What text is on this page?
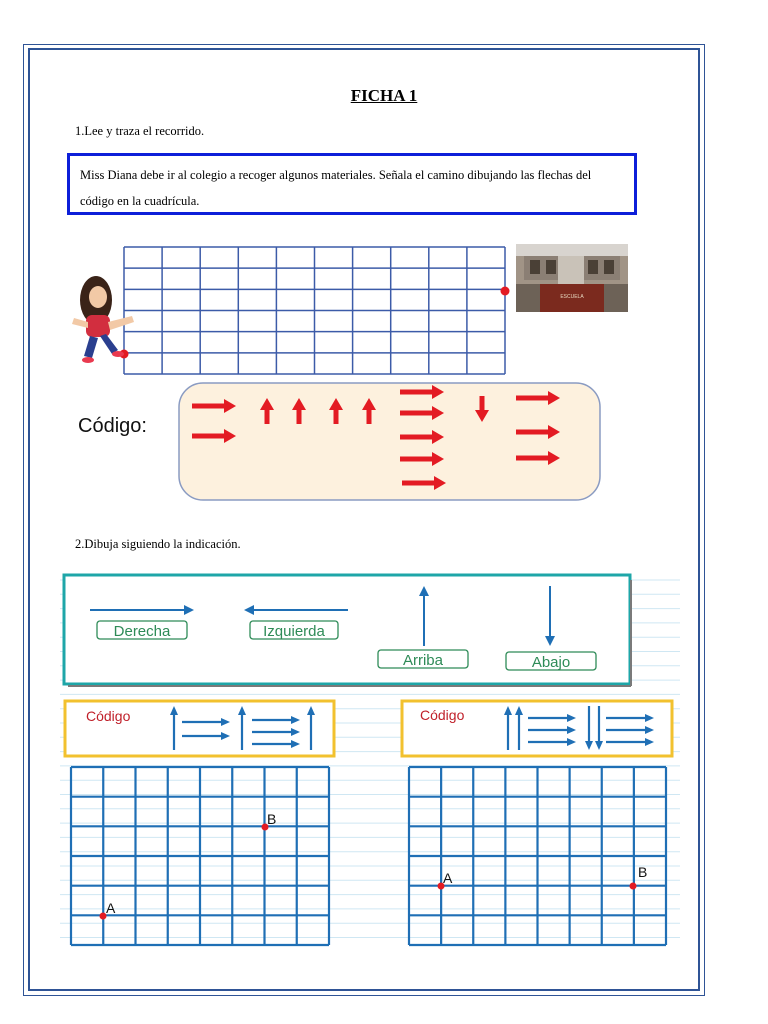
FICHA 1
1.Lee y traza el recorrido.
Miss Diana debe ir al colegio a recoger algunos materiales. Señala el camino dibujando las flechas del código en la cuadrícula.
ESCUELA
Código:
2.Dibuja siguiendo la indicación.
Derecha	Izquierda
Arriba	Abajo
Código	Código
A
B
A	B
